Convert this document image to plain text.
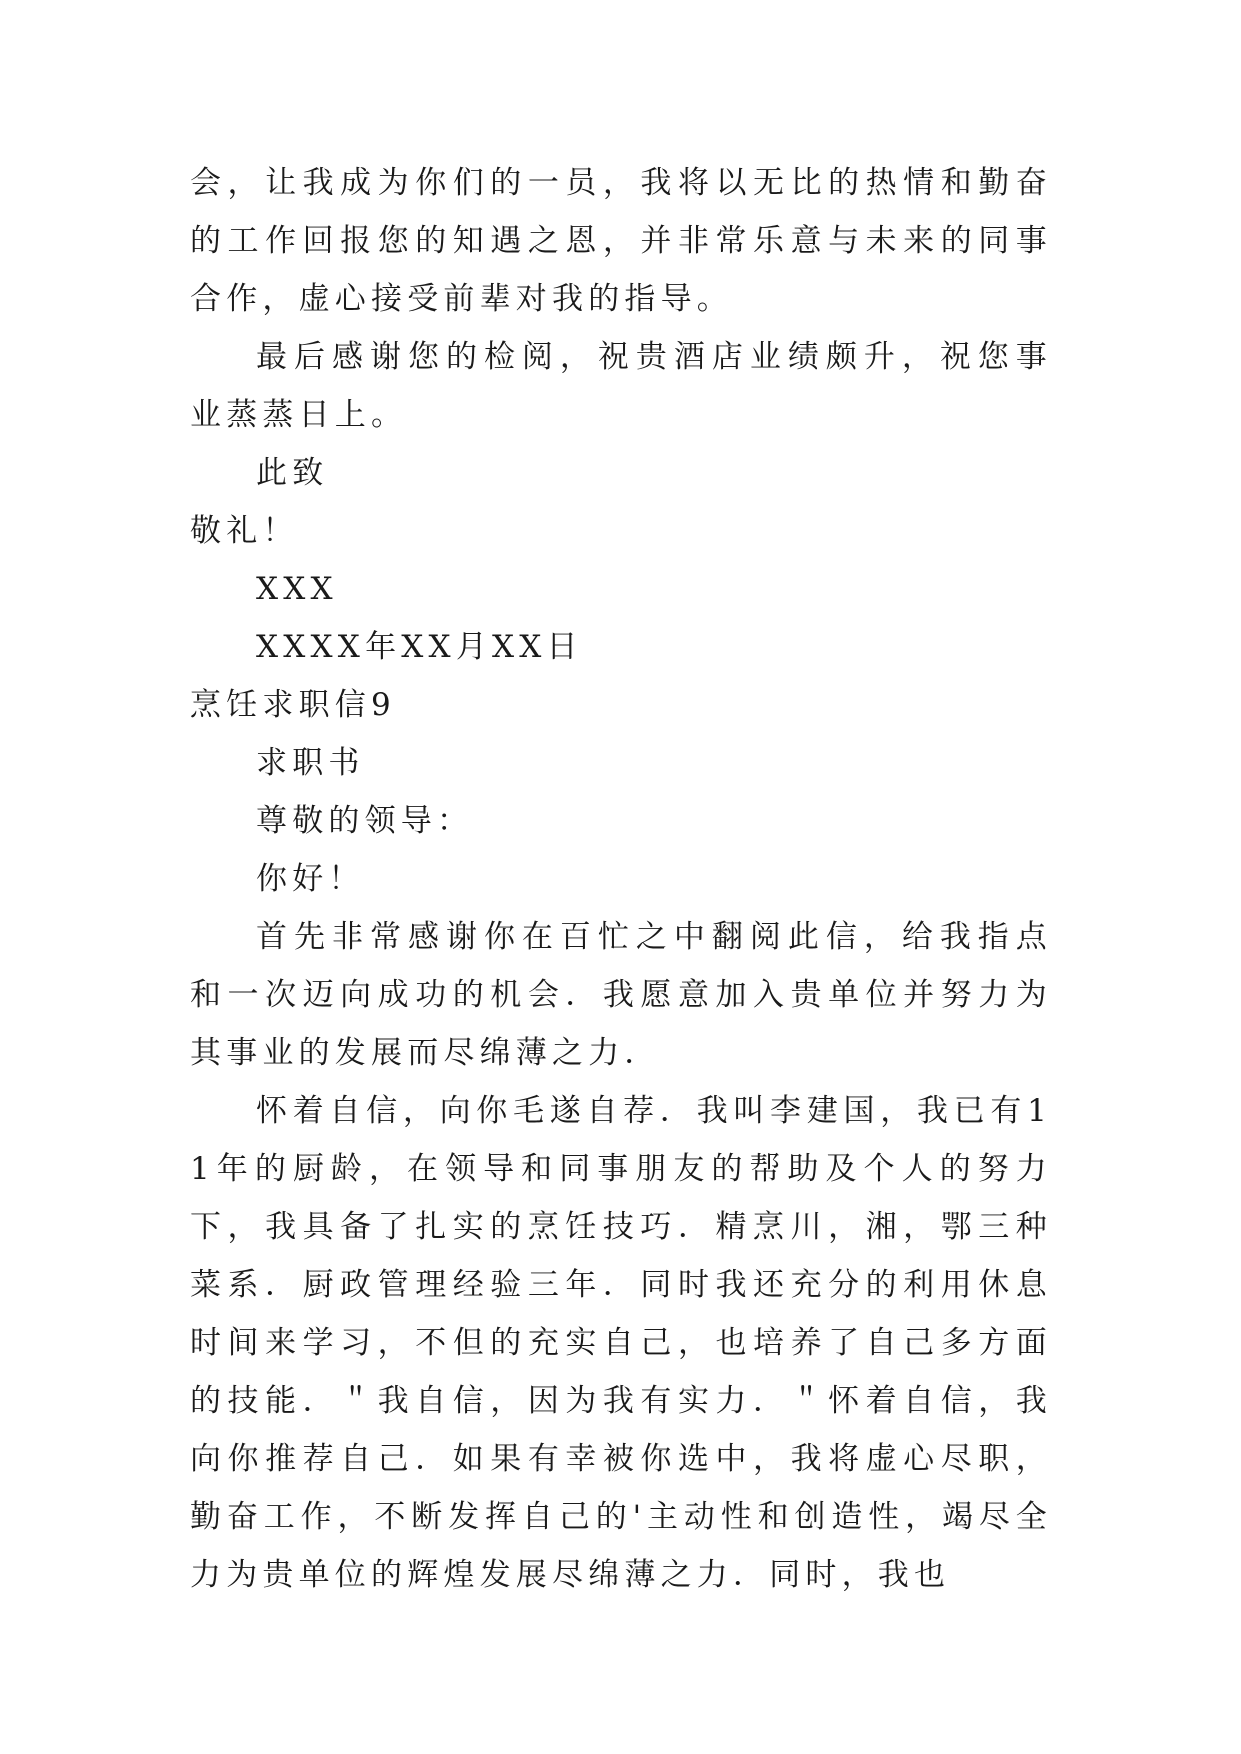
会，让我成为你们的一员，我将以无比的热情和勤奋的工作回报您的知遇之恩，并非常乐意与未来的同事合作，虚心接受前辈对我的指导。

最后感谢您的检阅，祝贵酒店业绩颇升，祝您事业蒸蒸日上。

此致

敬礼！

XXX

XXXX年XX月XX日

烹饪求职信9

求职书

尊敬的领导：

你好！

首先非常感谢你在百忙之中翻阅此信，给我指点和一次迈向成功的机会．我愿意加入贵单位并努力为其事业的发展而尽绵薄之力．

怀着自信，向你毛遂自荐．我叫李建国，我已有11年的厨龄，在领导和同事朋友的帮助及个人的努力下，我具备了扎实的烹饪技巧．精烹川，湘，鄂三种菜系．厨政管理经验三年．同时我还充分的利用休息时间来学习，不但的充实自己，也培养了自己多方面的技能．＂我自信，因为我有实力．＂怀着自信，我向你推荐自己．如果有幸被你选中，我将虚心尽职，勤奋工作，不断发挥自己的'主动性和创造性，竭尽全力为贵单位的辉煌发展尽绵薄之力．同时，我也
